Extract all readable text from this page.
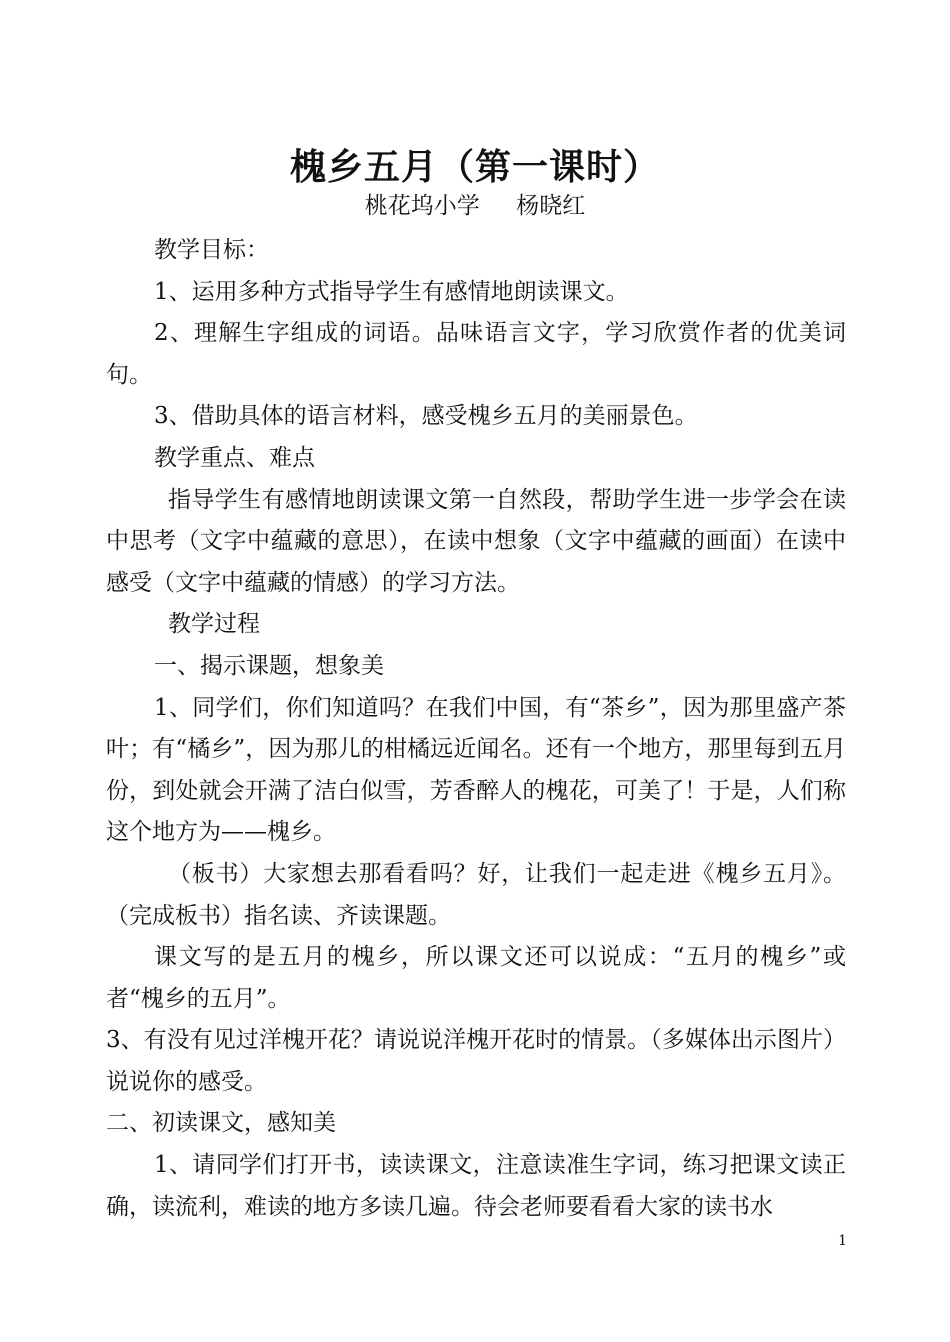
槐乡五月（第一课时）
桃花坞小学     杨晓红

教学目标：

1、运用多种方式指导学生有感情地朗读课文。

2、理解生字组成的词语。品味语言文字，学习欣赏作者的优美词句。

3、借助具体的语言材料，感受槐乡五月的美丽景色。

教学重点、难点

指导学生有感情地朗读课文第一自然段，帮助学生进一步学会在读中思考（文字中蕴藏的意思），在读中想象（文字中蕴藏的画面）在读中感受（文字中蕴藏的情感）的学习方法。

教学过程

一、揭示课题，想象美

1、同学们，你们知道吗？在我们中国，有“茶乡”，因为那里盛产茶叶；有“橘乡”，因为那儿的柑橘远近闻名。还有一个地方，那里每到五月份，到处就会开满了洁白似雪，芳香醉人的槐花，可美了！于是，人们称这个地方为——槐乡。

（板书）大家想去那看看吗？好，让我们一起走进《槐乡五月》。（完成板书）指名读、齐读课题。

课文写的是五月的槐乡，所以课文还可以说成：“五月的槐乡”或者“槐乡的五月”。

3、有没有见过洋槐开花？请说说洋槐开花时的情景。（多媒体出示图片）说说你的感受。

二、初读课文，感知美

1、请同学们打开书，读读课文，注意读准生字词，练习把课文读正确，读流利，难读的地方多读几遍。待会老师要看看大家的读书水

1
